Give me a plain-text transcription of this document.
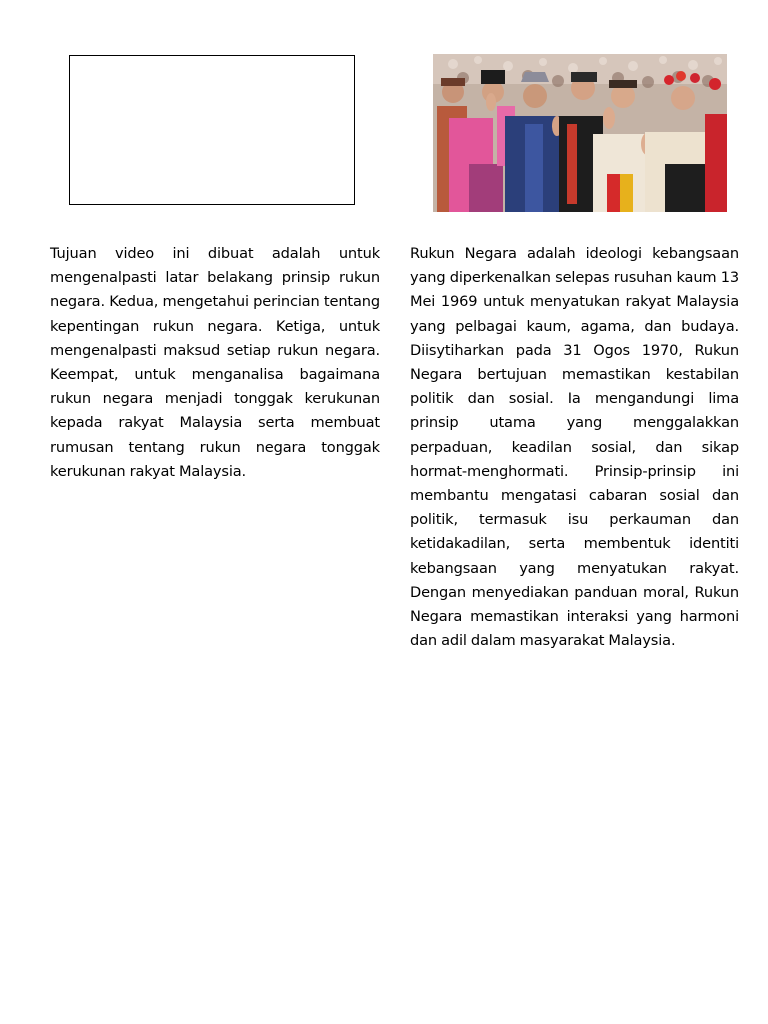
Tujuan video ini dibuat adalah untuk mengenalpasti latar belakang prinsip rukun negara. Kedua, mengetahui perincian tentang kepentingan rukun negara. Ketiga, untuk mengenalpasti maksud setiap rukun negara. Keempat, untuk menganalisa bagaimana rukun negara menjadi tonggak kerukunan kepada rakyat Malaysia serta membuat rumusan tentang rukun negara tonggak kerukunan rakyat Malaysia.

Rukun Negara adalah ideologi kebangsaan yang diperkenalkan selepas rusuhan kaum 13 Mei 1969 untuk menyatukan rakyat Malaysia yang pelbagai kaum, agama, dan budaya. Diisytiharkan pada 31 Ogos 1970, Rukun Negara bertujuan memastikan kestabilan politik dan sosial. Ia mengandungi lima prinsip utama yang menggalakkan perpaduan, keadilan sosial, dan sikap hormat-menghormati. Prinsip-prinsip ini membantu mengatasi cabaran sosial dan politik, termasuk isu perkauman dan ketidakadilan, serta membentuk identiti kebangsaan yang menyatukan rakyat. Dengan menyediakan panduan moral, Rukun Negara memastikan interaksi yang harmoni dan adil dalam masyarakat Malaysia.
